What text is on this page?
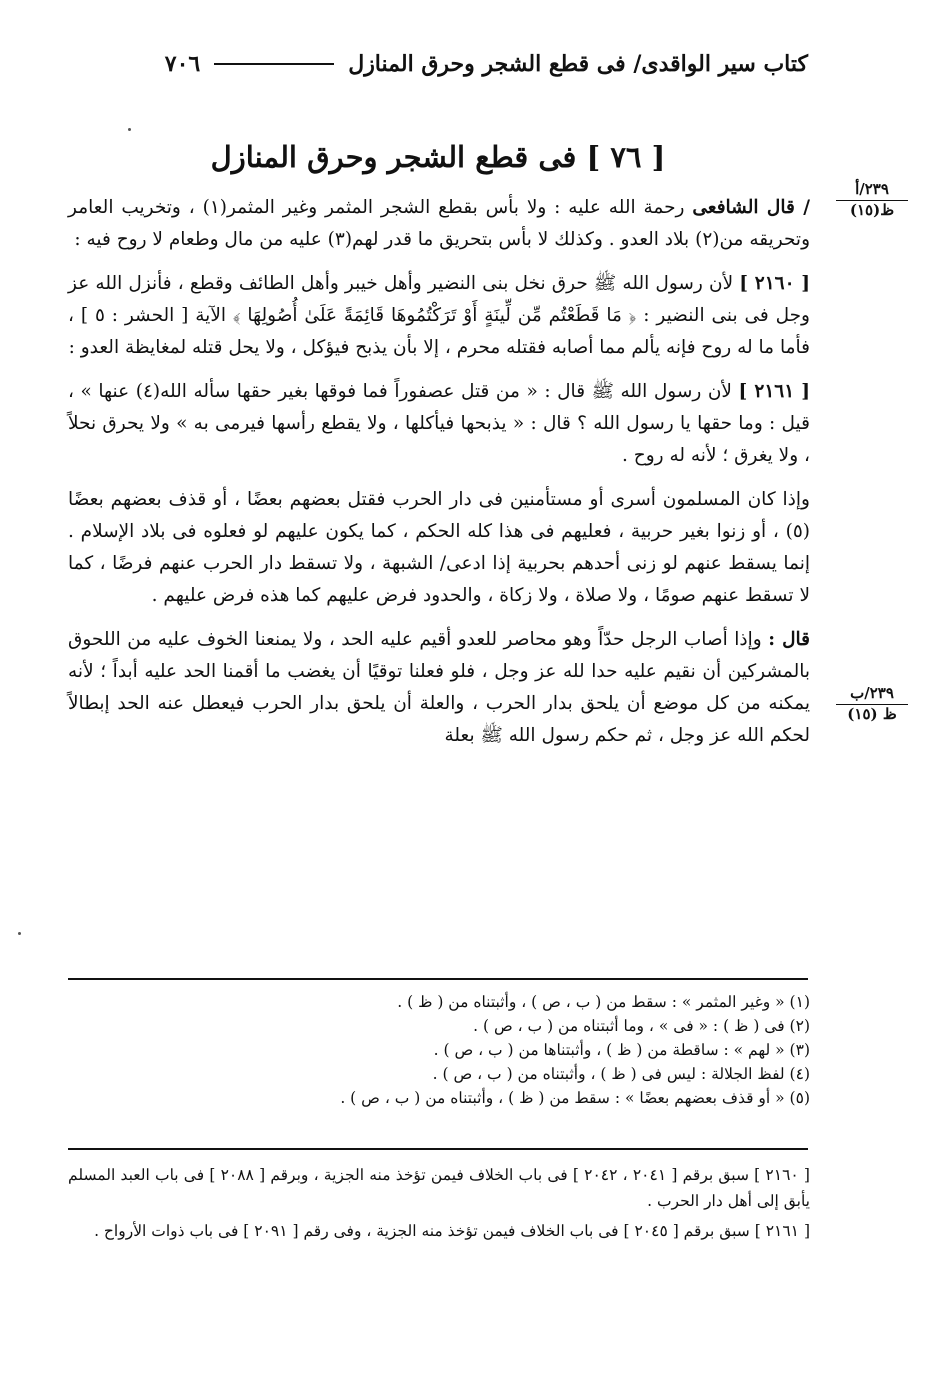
كتاب سير الواقدى/ فى قطع الشجر وحرق المنازل
٧٠٦
[ ٧٦ ] فى قطع الشجر وحرق المنازل
٢٣٩/أ
ظ(١٥)
٢٣٩/ب
ظ (١٥)

/ قال الشافعى رحمة الله عليه : ولا بأس بقطع الشجر المثمر وغير المثمر(١) ، وتخريب العامر وتحريقه من(٢) بلاد العدو . وكذلك لا بأس بتحريق ما قدر لهم(٣) عليه من مال وطعام لا روح فيه :

[ ٢١٦٠ ] لأن رسول الله ﷺ حرق نخل بنى النضير وأهل خيبر وأهل الطائف وقطع ، فأنزل الله عز وجل فى بنى النضير : ﴿ مَا قَطَعْتُم مِّن لِّينَةٍ أَوْ تَرَكْتُمُوهَا قَائِمَةً عَلَىٰ أُصُولِهَا ﴾ الآية [ الحشر : ٥ ] ، فأما ما له روح فإنه يألم مما أصابه فقتله محرم ، إلا بأن يذبح فيؤكل ، ولا يحل قتله لمغايظة العدو :

[ ٢١٦١ ] لأن رسول الله ﷺ قال : « من قتل عصفوراً فما فوقها بغير حقها سأله الله(٤) عنها » ، قيل : وما حقها يا رسول الله ؟ قال : « يذبحها فيأكلها ، ولا يقطع رأسها فيرمى به » ولا يحرق نحلاً ، ولا يغرق ؛ لأنه له روح .

وإذا كان المسلمون أسرى أو مستأمنين فى دار الحرب فقتل بعضهم بعضًا ، أو قذف بعضهم بعضًا (٥) ، أو زنوا بغير حربية ، فعليهم فى هذا كله الحكم ، كما يكون عليهم لو فعلوه فى بلاد الإسلام . إنما يسقط عنهم لو زنى أحدهم بحربية إذا ادعى/ الشبهة ، ولا تسقط دار الحرب عنهم فرضًا ، كما لا تسقط عنهم صومًا ، ولا صلاة ، ولا زكاة ، والحدود فرض عليهم كما هذه فرض عليهم .

قال : وإذا أصاب الرجل حدّاً وهو محاصر للعدو أقيم عليه الحد ، ولا يمنعنا الخوف عليه من اللحوق بالمشركين أن نقيم عليه حدا لله عز وجل ، فلو فعلنا توقيًا أن يغضب ما أقمنا الحد عليه أبداً ؛ لأنه يمكنه من كل موضع أن يلحق بدار الحرب ، والعلة أن يلحق بدار الحرب فيعطل عنه الحد إبطالاً لحكم الله عز وجل ، ثم حكم رسول الله ﷺ بعلة

(١) « وغير المثمر » : سقط من ( ب ، ص ) ، وأثبتناه من ( ظ ) .
(٢) فى ( ظ ) : « فى » ، وما أثبتناه من ( ب ، ص ) .
(٣) « لهم » : ساقطة من ( ظ ) ، وأثبتناها من ( ب ، ص ) .
(٤) لفظ الجلالة : ليس فى ( ظ ) ، وأثبتناه من ( ب ، ص ) .
(٥) « أو قذف بعضهم بعضًا » : سقط من ( ظ ) ، وأثبتناه من ( ب ، ص ) .
[ ٢١٦٠ ] سبق برقم [ ٢٠٤١ ، ٢٠٤٢ ] فى باب الخلاف فيمن تؤخذ منه الجزية ، وبرقم [ ٢٠٨٨ ] فى باب العبد المسلم يأبق إلى أهل دار الحرب .
[ ٢١٦١ ] سبق برقم [ ٢٠٤٥ ] فى باب الخلاف فيمن تؤخذ منه الجزية ، وفى رقم [ ٢٠٩١ ] فى باب ذوات الأرواح .
